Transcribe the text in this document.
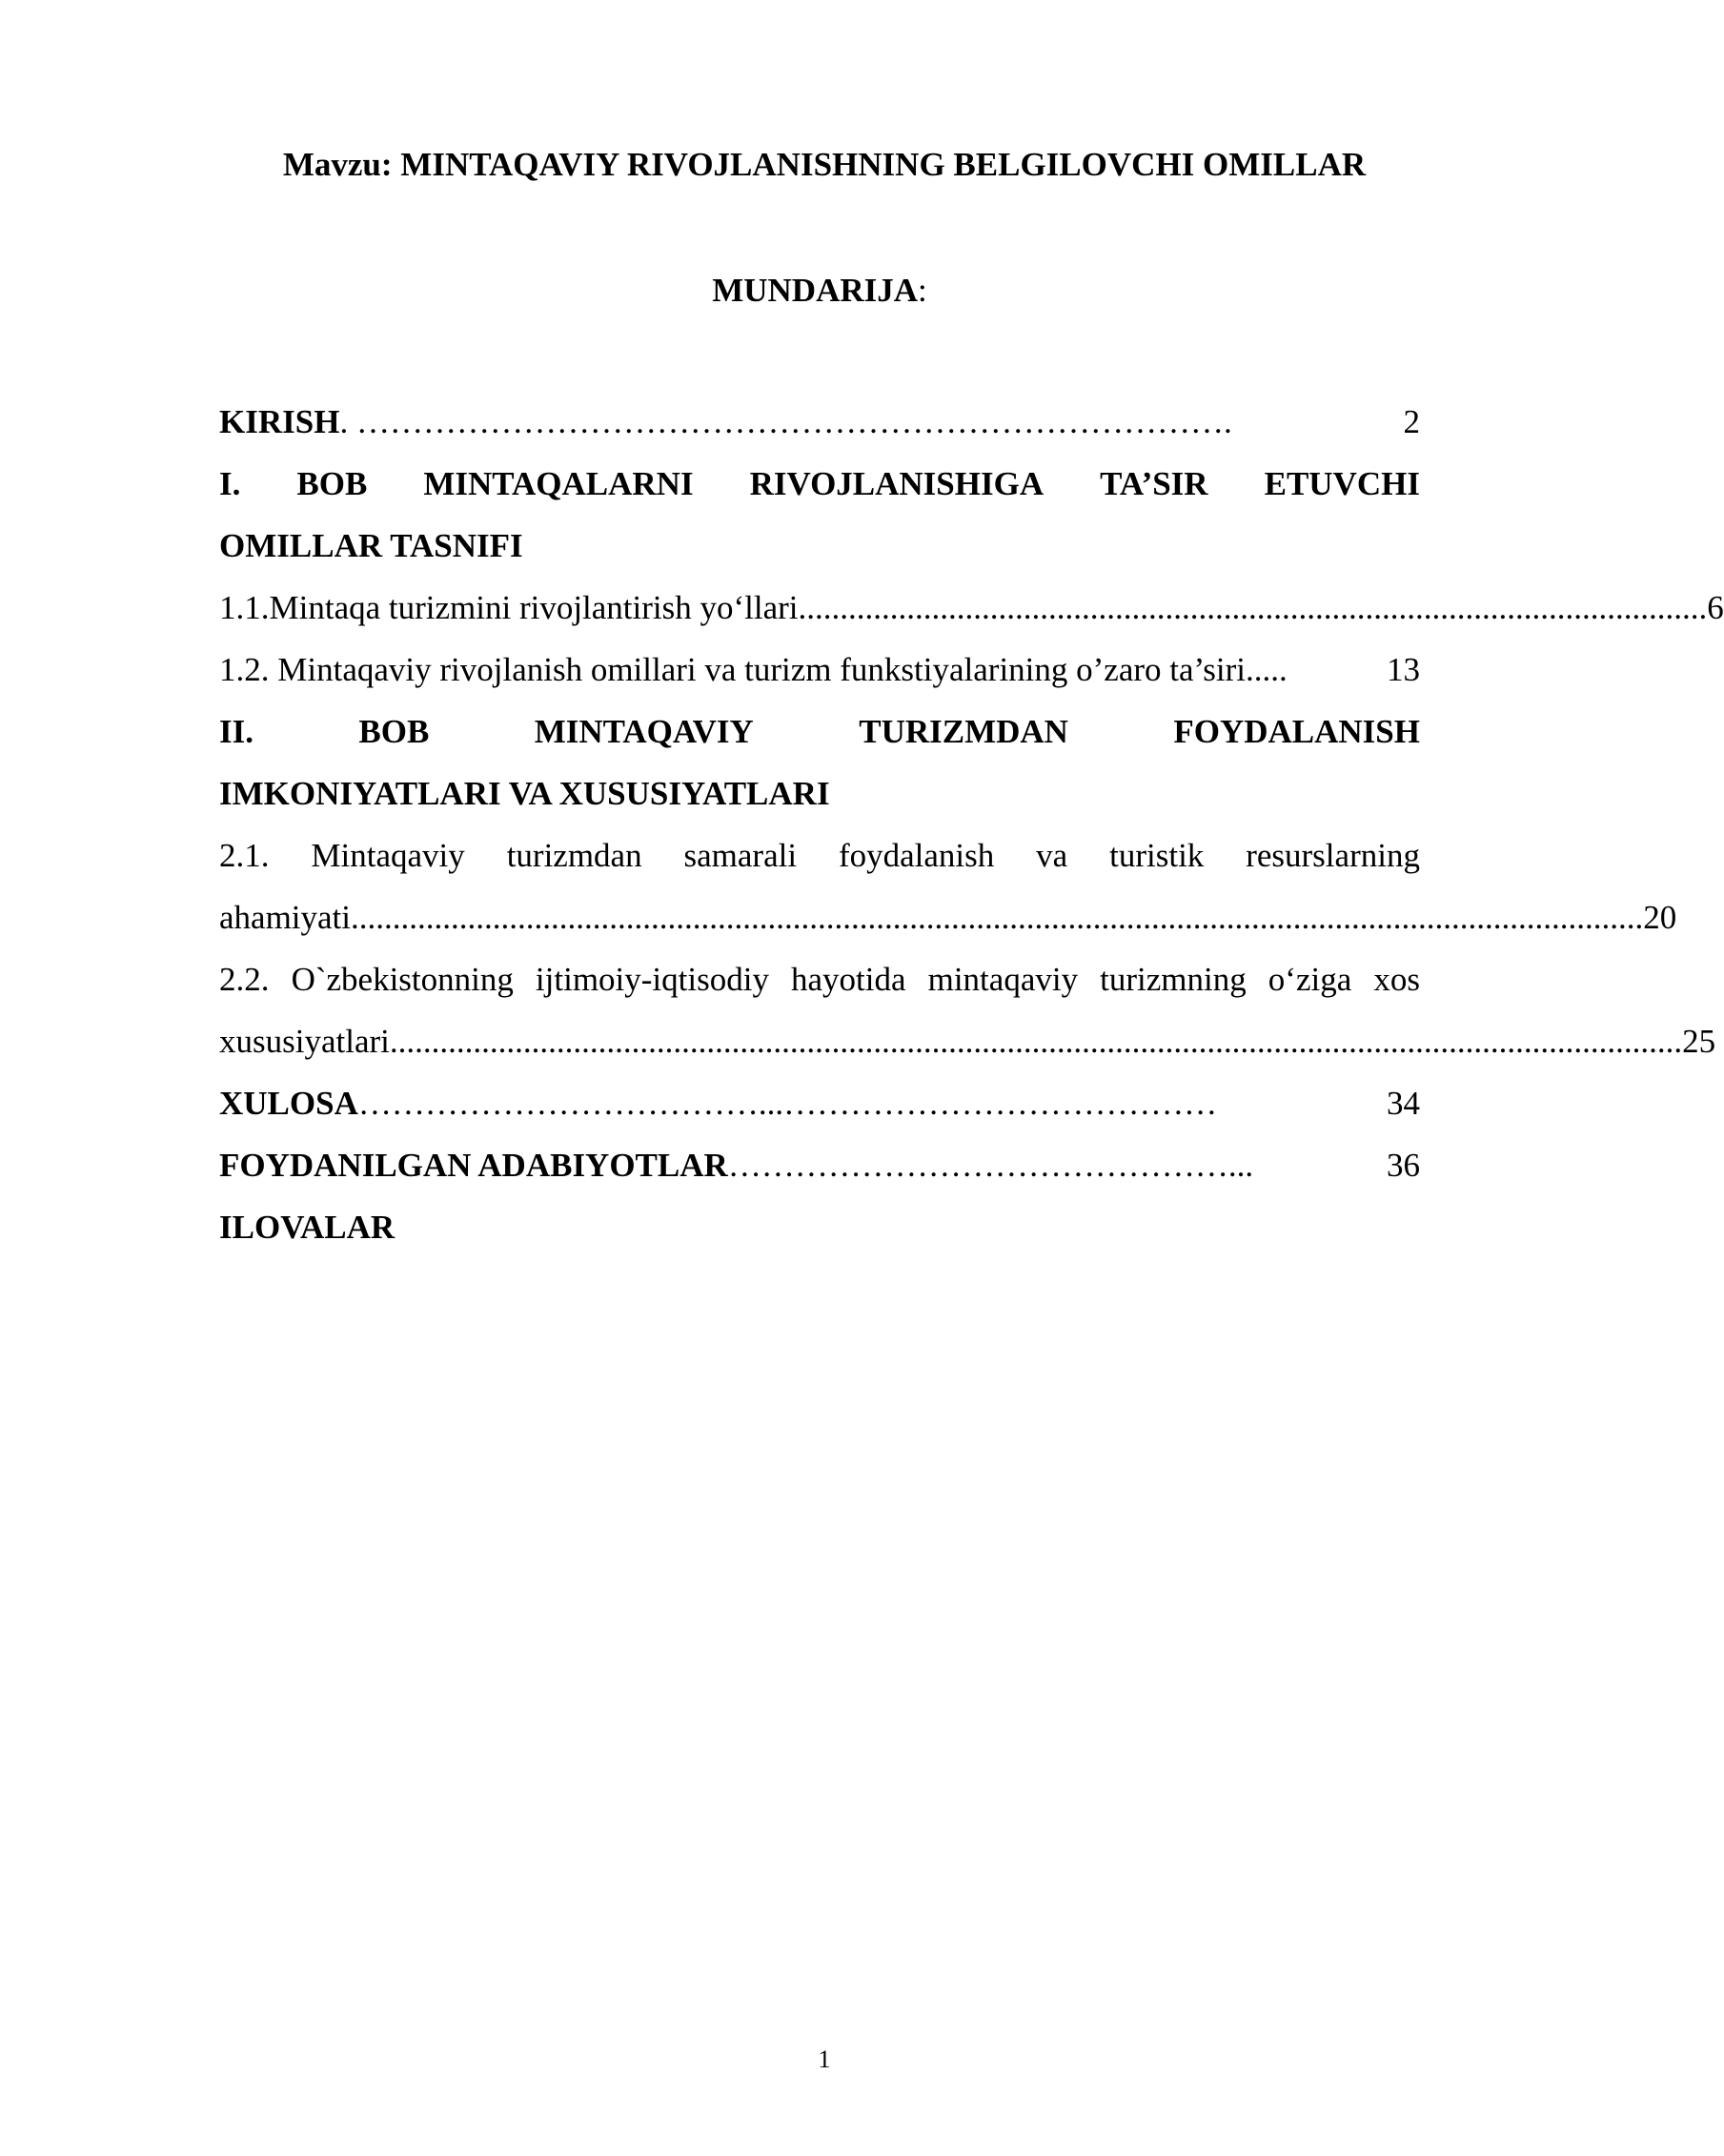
Mavzu: MINTAQAVIY RIVOJLANISHNING BELGILOVCHI OMILLAR
MUNDARIJA:
KIRISH . …………………………………………………………………….	2
I. BOB MINTAQALARNI RIVOJLANISHIGA TA’SIR ETUVCHI
OMILLAR TASNIFI
1.1.Mintaqa turizmini rivojlantirish yo‘llari ............................................................................................................. 6
1.2. Mintaqaviy rivojlanish omillari va turizm funkstiyalarining o’zaro ta’siri .....	13
II.	BOB	MINTAQAVIY	TURIZMDAN	FOYDALANISH
IMKONIYATLARI VA XUSUSIYATLARI
2.1. Mintaqaviy turizmdan samarali foydalanish va turistik resurslarning
ahamiyati ........................................................................................................................................................... 20
2.2. O`zbekistonning ijtimoiy-iqtisodiy hayotida mintaqaviy turizmning o‘ziga xos
xususiyatlari ........................................................................................................................................................... 25
XULOSA ………………………………...…………………………………	34
FOYDANILGAN ADABIYOTLAR ………………………………………...	36
ILOVALAR
1
